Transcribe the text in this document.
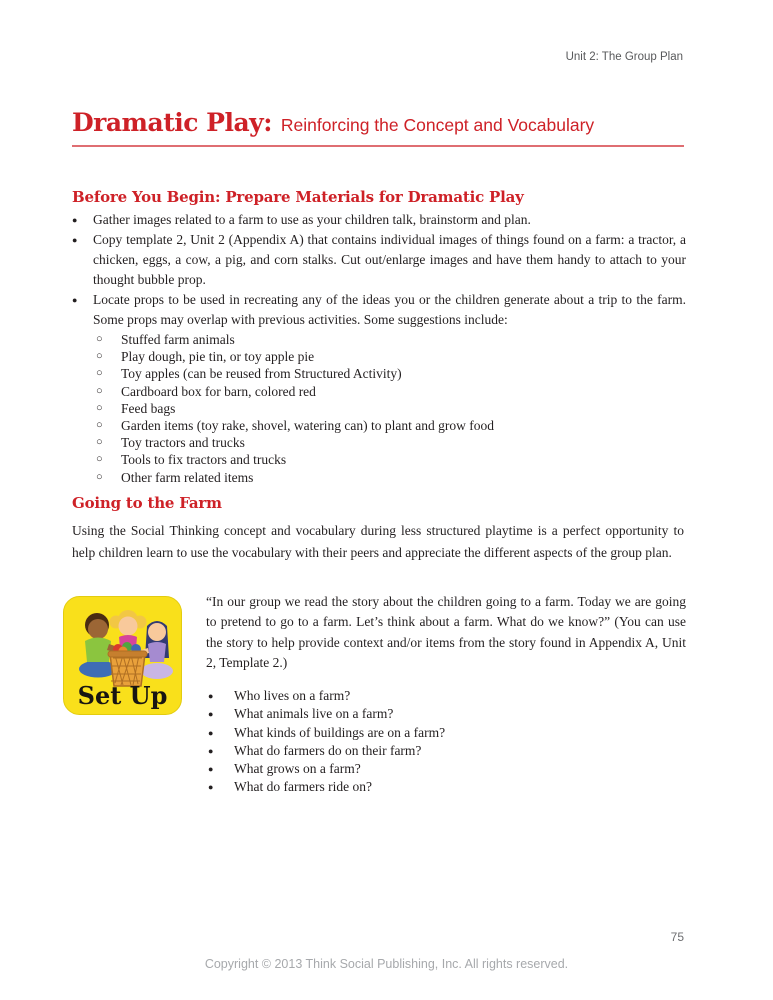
Unit 2: The Group Plan
Dramatic Play: Reinforcing the Concept and Vocabulary
Before You Begin: Prepare Materials for Dramatic Play
●	Gather images related to a farm to use as your children talk, brainstorm and plan.
●	Copy template 2, Unit 2 (Appendix A) that contains individual images of things found on a farm: a tractor, a chicken, eggs, a cow, a pig, and corn stalks. Cut out/enlarge images and have them handy to attach to your thought bubble prop.
●	Locate props to be used in recreating any of the ideas you or the children generate about a trip to the farm. Some props may overlap with previous activities. Some suggestions include:
○	Stuffed farm animals
○	Play dough, pie tin, or toy apple pie
○	Toy apples (can be reused from Structured Activity)
○	Cardboard box for barn, colored red
○	Feed bags
○	Garden items (toy rake, shovel, watering can) to plant and grow food
○	Toy tractors and trucks
○	Tools to fix tractors and trucks
○	Other farm related items
Going to the Farm
Using the Social Thinking concept and vocabulary during less structured playtime is a perfect opportunity to help children learn to use the vocabulary with their peers and appreciate the different aspects of the group plan.
Set Up
“In our group we read the story about the children going to a farm. Today we are going to pretend to go to a farm. Let’s think about a farm. What do we know?” (You can use the story to help provide context and/or items from the story found in Appendix A, Unit 2, Template 2.)
●	Who lives on a farm?
●	What animals live on a farm?
●	What kinds of buildings are on a farm?
●	What do farmers do on their farm?
●	What grows on a farm?
●	What do farmers ride on?
75
Copyright © 2013 Think Social Publishing, Inc. All rights reserved.
